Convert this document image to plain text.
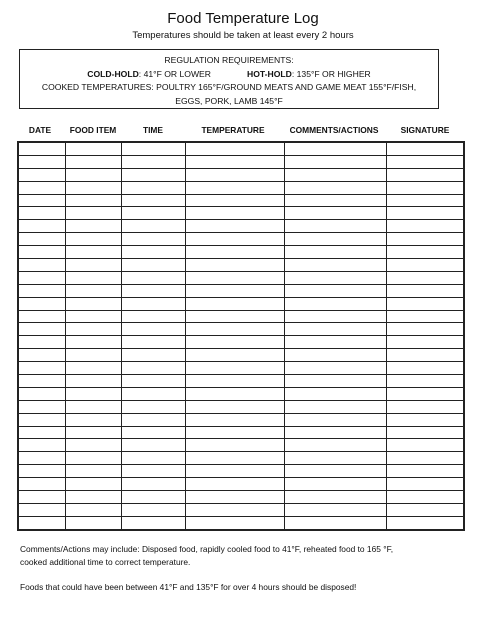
Food Temperature Log
Temperatures should be taken at least every 2 hours
REGULATION REQUIREMENTS:
COLD-HOLD: 41°F OR LOWER	HOT-HOLD: 135°F OR HIGHER
COOKED TEMPERATURES: POULTRY 165°F/GROUND MEATS AND GAME MEAT 155°F/FISH,
EGGS, PORK, LAMB 145°F
DATE	FOOD ITEM	TIME	TEMPERATURE	COMMENTS/ACTIONS	SIGNATURE

Comments/Actions may include: Disposed food, rapidly cooled food to 41°F, reheated food to 165 °F,
cooked additional time to correct temperature.
Foods that could have been between 41°F and 135°F for over 4 hours should be disposed!
